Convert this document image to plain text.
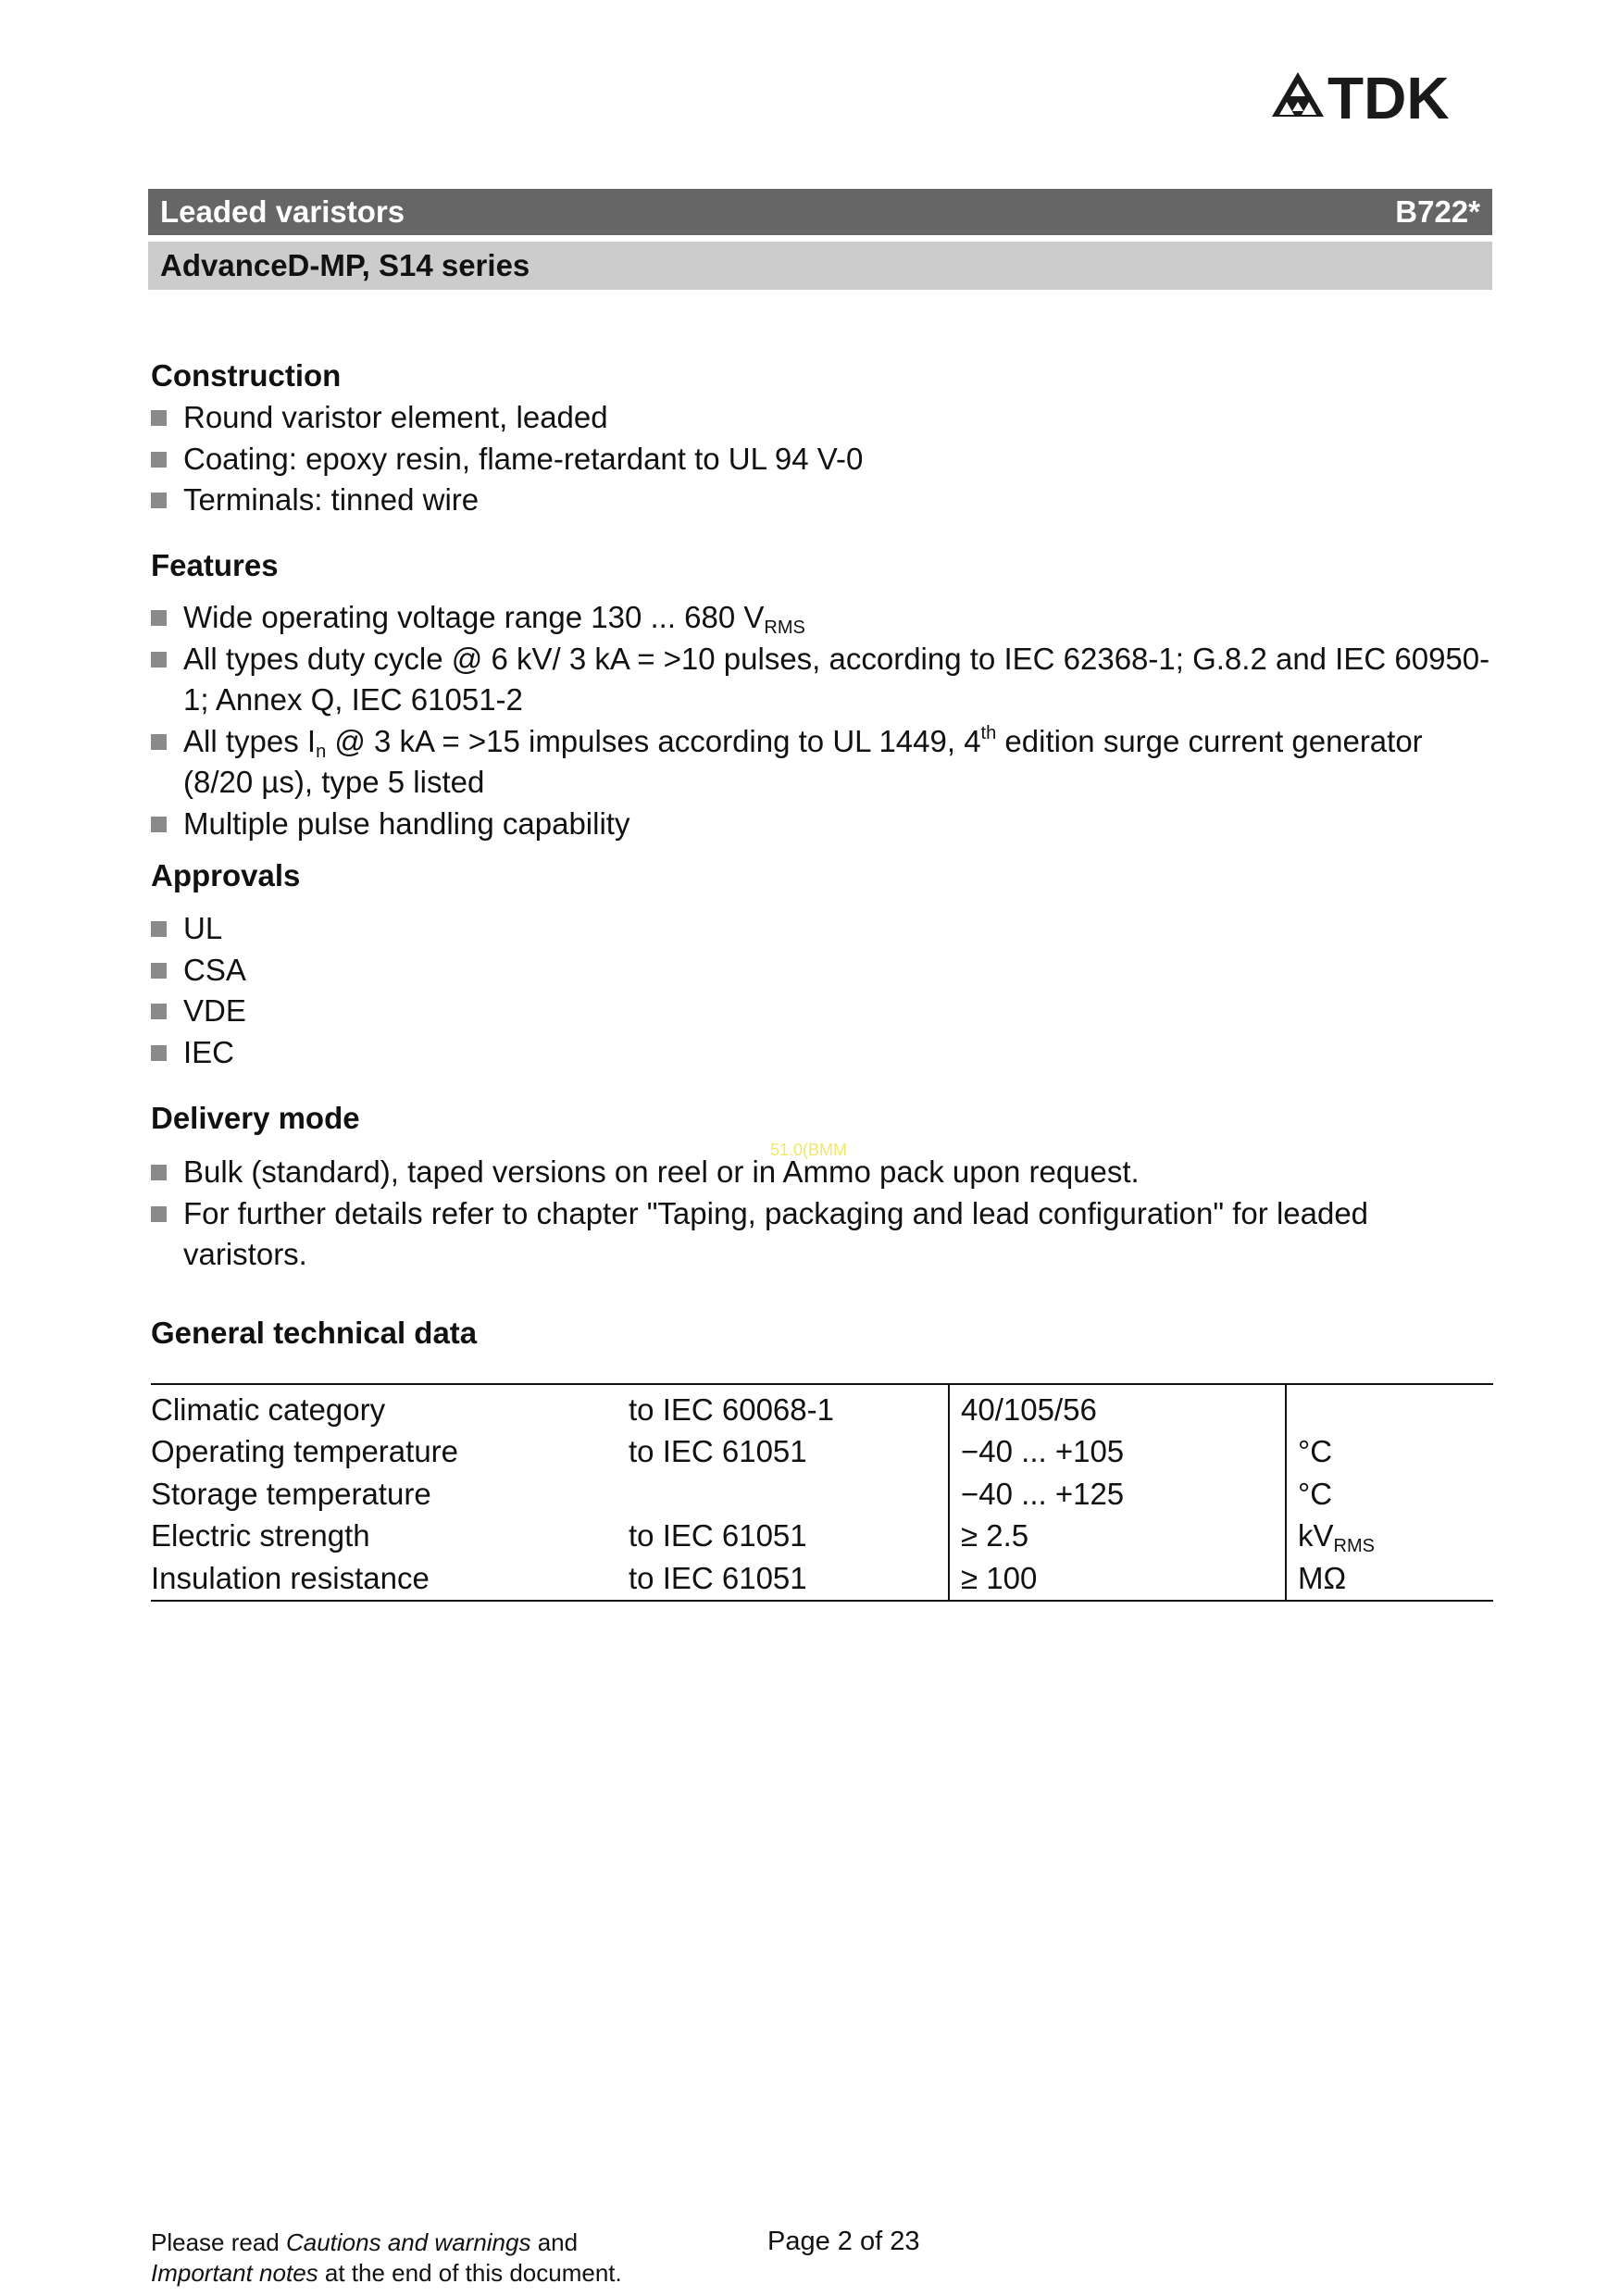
TDK
Leaded varistors	B722*
AdvanceD-MP, S14 series
Construction
Round varistor element, leaded
Coating: epoxy resin, flame-retardant to UL 94 V-0
Terminals: tinned wire
Features
Wide operating voltage range 130 ... 680 $V_{RMS}$
All types duty cycle @ 6 kV/ 3 kA = >10 pulses, according to IEC 62368-1; G.8.2 and IEC 60950-1; Annex Q, IEC 61051-2
All types $I_n$ @ 3 kA = >15 impulses according to UL 1449, 4th edition surge current generator (8/20 µs), type 5 listed
Multiple pulse handling capability
Approvals
UL
CSA
VDE
IEC
Delivery mode
51.0(BMM
Bulk (standard), taped versions on reel or in Ammo pack upon request.
For further details refer to chapter "Taping, packaging and lead configuration" for leaded varistors.
General technical data
Climatic category	to IEC 60068-1	40/105/56	
Operating temperature	to IEC 61051	−40 ... +105	°C
Storage temperature		−40 ... +125	°C
Electric strength	to IEC 61051	≥ 2.5	$kV_{RMS}$
Insulation resistance	to IEC 61051	≥ 100	MΩ
Please read Cautions and warnings and
Important notes at the end of this document.
Page 2 of 23
